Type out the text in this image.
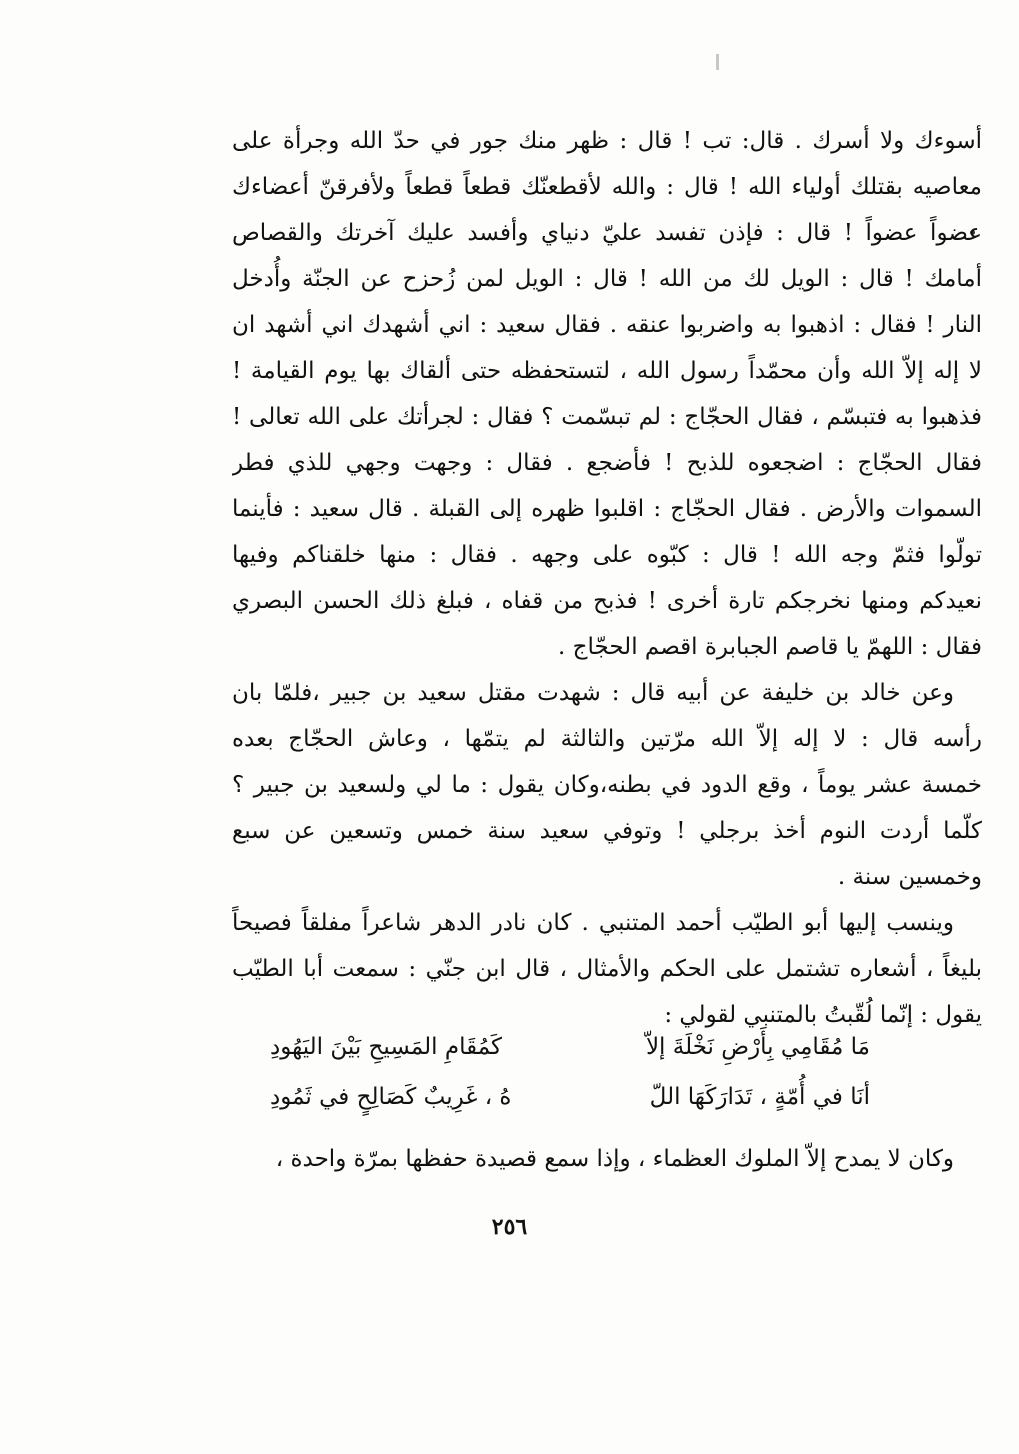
أسوءك ولا أسرك . قال: تب ! قال : ظهر منك جور في حدّ الله وجرأة على
معاصيه بقتلك أولياء الله ! قال : والله لأقطعنّك قطعاً قطعاً ولأفرقنّ أعضاءك
عضواً عضواً ! قال : فإذن تفسد عليّ دنياي وأفسد عليك آخرتك والقصاص
أمامك ! قال : الويل لك من الله ! قال : الويل لمن زُحزح عن الجنّة وأُدخل
النار ! فقال : اذهبوا به واضربوا عنقه . فقال سعيد : اني أشهدك اني أشهد ان
لا إله إلاّ الله وأن محمّداً رسول الله ، لتستحفظه حتى ألقاك بها يوم القيامة !
فذهبوا به فتبسّم ، فقال الحجّاج : لم تبسّمت ؟ فقال : لجرأتك على الله تعالى !
فقال الحجّاج : اضجعوه للذبح ! فأضجع . فقال : وجهت وجهي للذي فطر
السموات والأرض . فقال الحجّاج : اقلبوا ظهره إلى القبلة . قال سعيد : فأينما
تولّوا فثمّ وجه الله ! قال : كبّوه على وجهه . فقال : منها خلقناكم وفيها
نعيدكم ومنها نخرجكم تارة أخرى ! فذبح من قفاه ، فبلغ ذلك الحسن البصري
فقال : اللهمّ يا قاصم الجبابرة اقصم الحجّاج .
وعن خالد بن خليفة عن أبيه قال : شهدت مقتل سعيد بن جبير ،فلمّا بان
رأسه قال : لا إله إلاّ الله مرّتين والثالثة لم يتمّها ، وعاش الحجّاج بعده
خمسة عشر يوماً ، وقع الدود في بطنه،وكان يقول : ما لي ولسعيد بن جبير ؟
كلّما أردت النوم أخذ برجلي ! وتوفي سعيد سنة خمس وتسعين عن سبع
وخمسين سنة .
وينسب إليها أبو الطيّب أحمد المتنبي . كان نادر الدهر شاعراً مفلقاً فصيحاً
بليغاً ، أشعاره تشتمل على الحكم والأمثال ، قال ابن جنّي : سمعت أبا الطيّب
يقول : إنّما لُقّبتُ بالمتنبي لقولي :
مَا مُقَامِي بِأَرْضِ نَخْلَةَ إلاّ
كَمُقَامِ المَسِيحِ بَيْنَ اليَهُودِ
أنَا في أُمّةٍ ، تَدَارَكَهَا اللّ
هُ ، غَرِيبٌ كَصَالِحٍ في ثَمُودِ
وكان لا يمدح إلاّ الملوك العظماء ، وإذا سمع قصيدة حفظها بمرّة واحدة ،
٢٥٦
